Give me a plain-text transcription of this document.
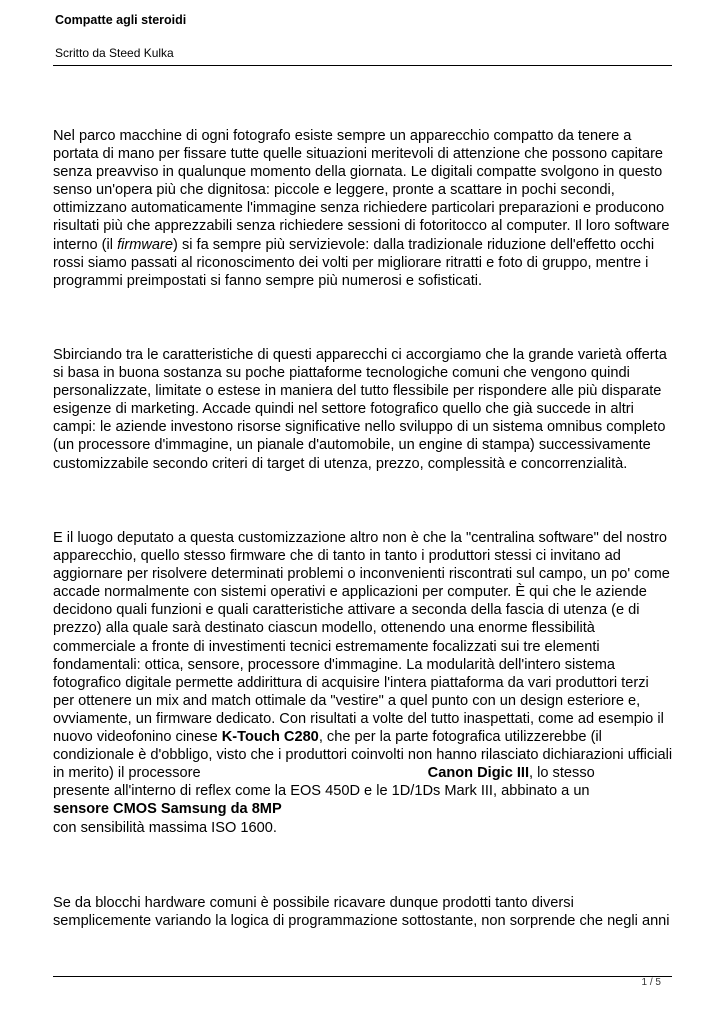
Compatte agli steroidi
Scritto da Steed Kulka

Nel parco macchine di ogni fotografo esiste sempre un apparecchio compatto da tenere a
portata di mano per fissare tutte quelle situazioni meritevoli di attenzione che possono capitare
senza preavviso in qualunque momento della giornata. Le digitali compatte svolgono in questo
senso un'opera più che dignitosa: piccole e leggere, pronte a scattare in pochi secondi,
ottimizzano automaticamente l'immagine senza richiedere particolari preparazioni e producono
risultati più che apprezzabili senza richiedere sessioni di fotoritocco al computer. Il loro software
interno (il firmware) si fa sempre più servizievole: dalla tradizionale riduzione dell'effetto occhi
rossi siamo passati al riconoscimento dei volti per migliorare ritratti e foto di gruppo, mentre i
programmi preimpostati si fanno sempre più numerosi e sofisticati.

Sbirciando tra le caratteristiche di questi apparecchi ci accorgiamo che la grande varietà offerta
si basa in buona sostanza su poche piattaforme tecnologiche comuni che vengono quindi
personalizzate, limitate o estese in maniera del tutto flessibile per rispondere alle più disparate
esigenze di marketing. Accade quindi nel settore fotografico quello che già succede in altri
campi: le aziende investono risorse significative nello sviluppo di un sistema omnibus completo
(un processore d'immagine, un pianale d'automobile, un engine di stampa) successivamente
customizzabile secondo criteri di target di utenza, prezzo, complessità e concorrenzialità.

E il luogo deputato a questa customizzazione altro non è che la "centralina software" del nostro
apparecchio, quello stesso firmware che di tanto in tanto i produttori stessi ci invitano ad
aggiornare per risolvere determinati problemi o inconvenienti riscontrati sul campo, un po' come
accade normalmente con sistemi operativi e applicazioni per computer. È qui che le aziende
decidono quali funzioni e quali caratteristiche attivare a seconda della fascia di utenza (e di
prezzo) alla quale sarà destinato ciascun modello, ottenendo una enorme flessibilità
commerciale a fronte di investimenti tecnici estremamente focalizzati sui tre elementi
fondamentali: ottica, sensore, processore d'immagine. La modularità dell'intero sistema
fotografico digitale permette addirittura di acquisire l'intera piattaforma da vari produttori terzi
per ottenere un mix and match ottimale da "vestire" a quel punto con un design esteriore e,
ovviamente, un firmware dedicato. Con risultati a volte del tutto inaspettati, come ad esempio il
nuovo videofonino cinese K-Touch C280, che per la parte fotografica utilizzerebbe (il
condizionale è d'obbligo, visto che i produttori coinvolti non hanno rilasciato dichiarazioni ufficiali
in merito) il processore	Canon Digic III, lo stesso
presente all'interno di reflex come la EOS 450D e le 1D/1Ds Mark III, abbinato a un
sensore CMOS Samsung da 8MP
con sensibilità massima ISO 1600.

Se da blocchi hardware comuni è possibile ricavare dunque prodotti tanto diversi
semplicemente variando la logica di programmazione sottostante, non sorprende che negli anni

1 / 5
